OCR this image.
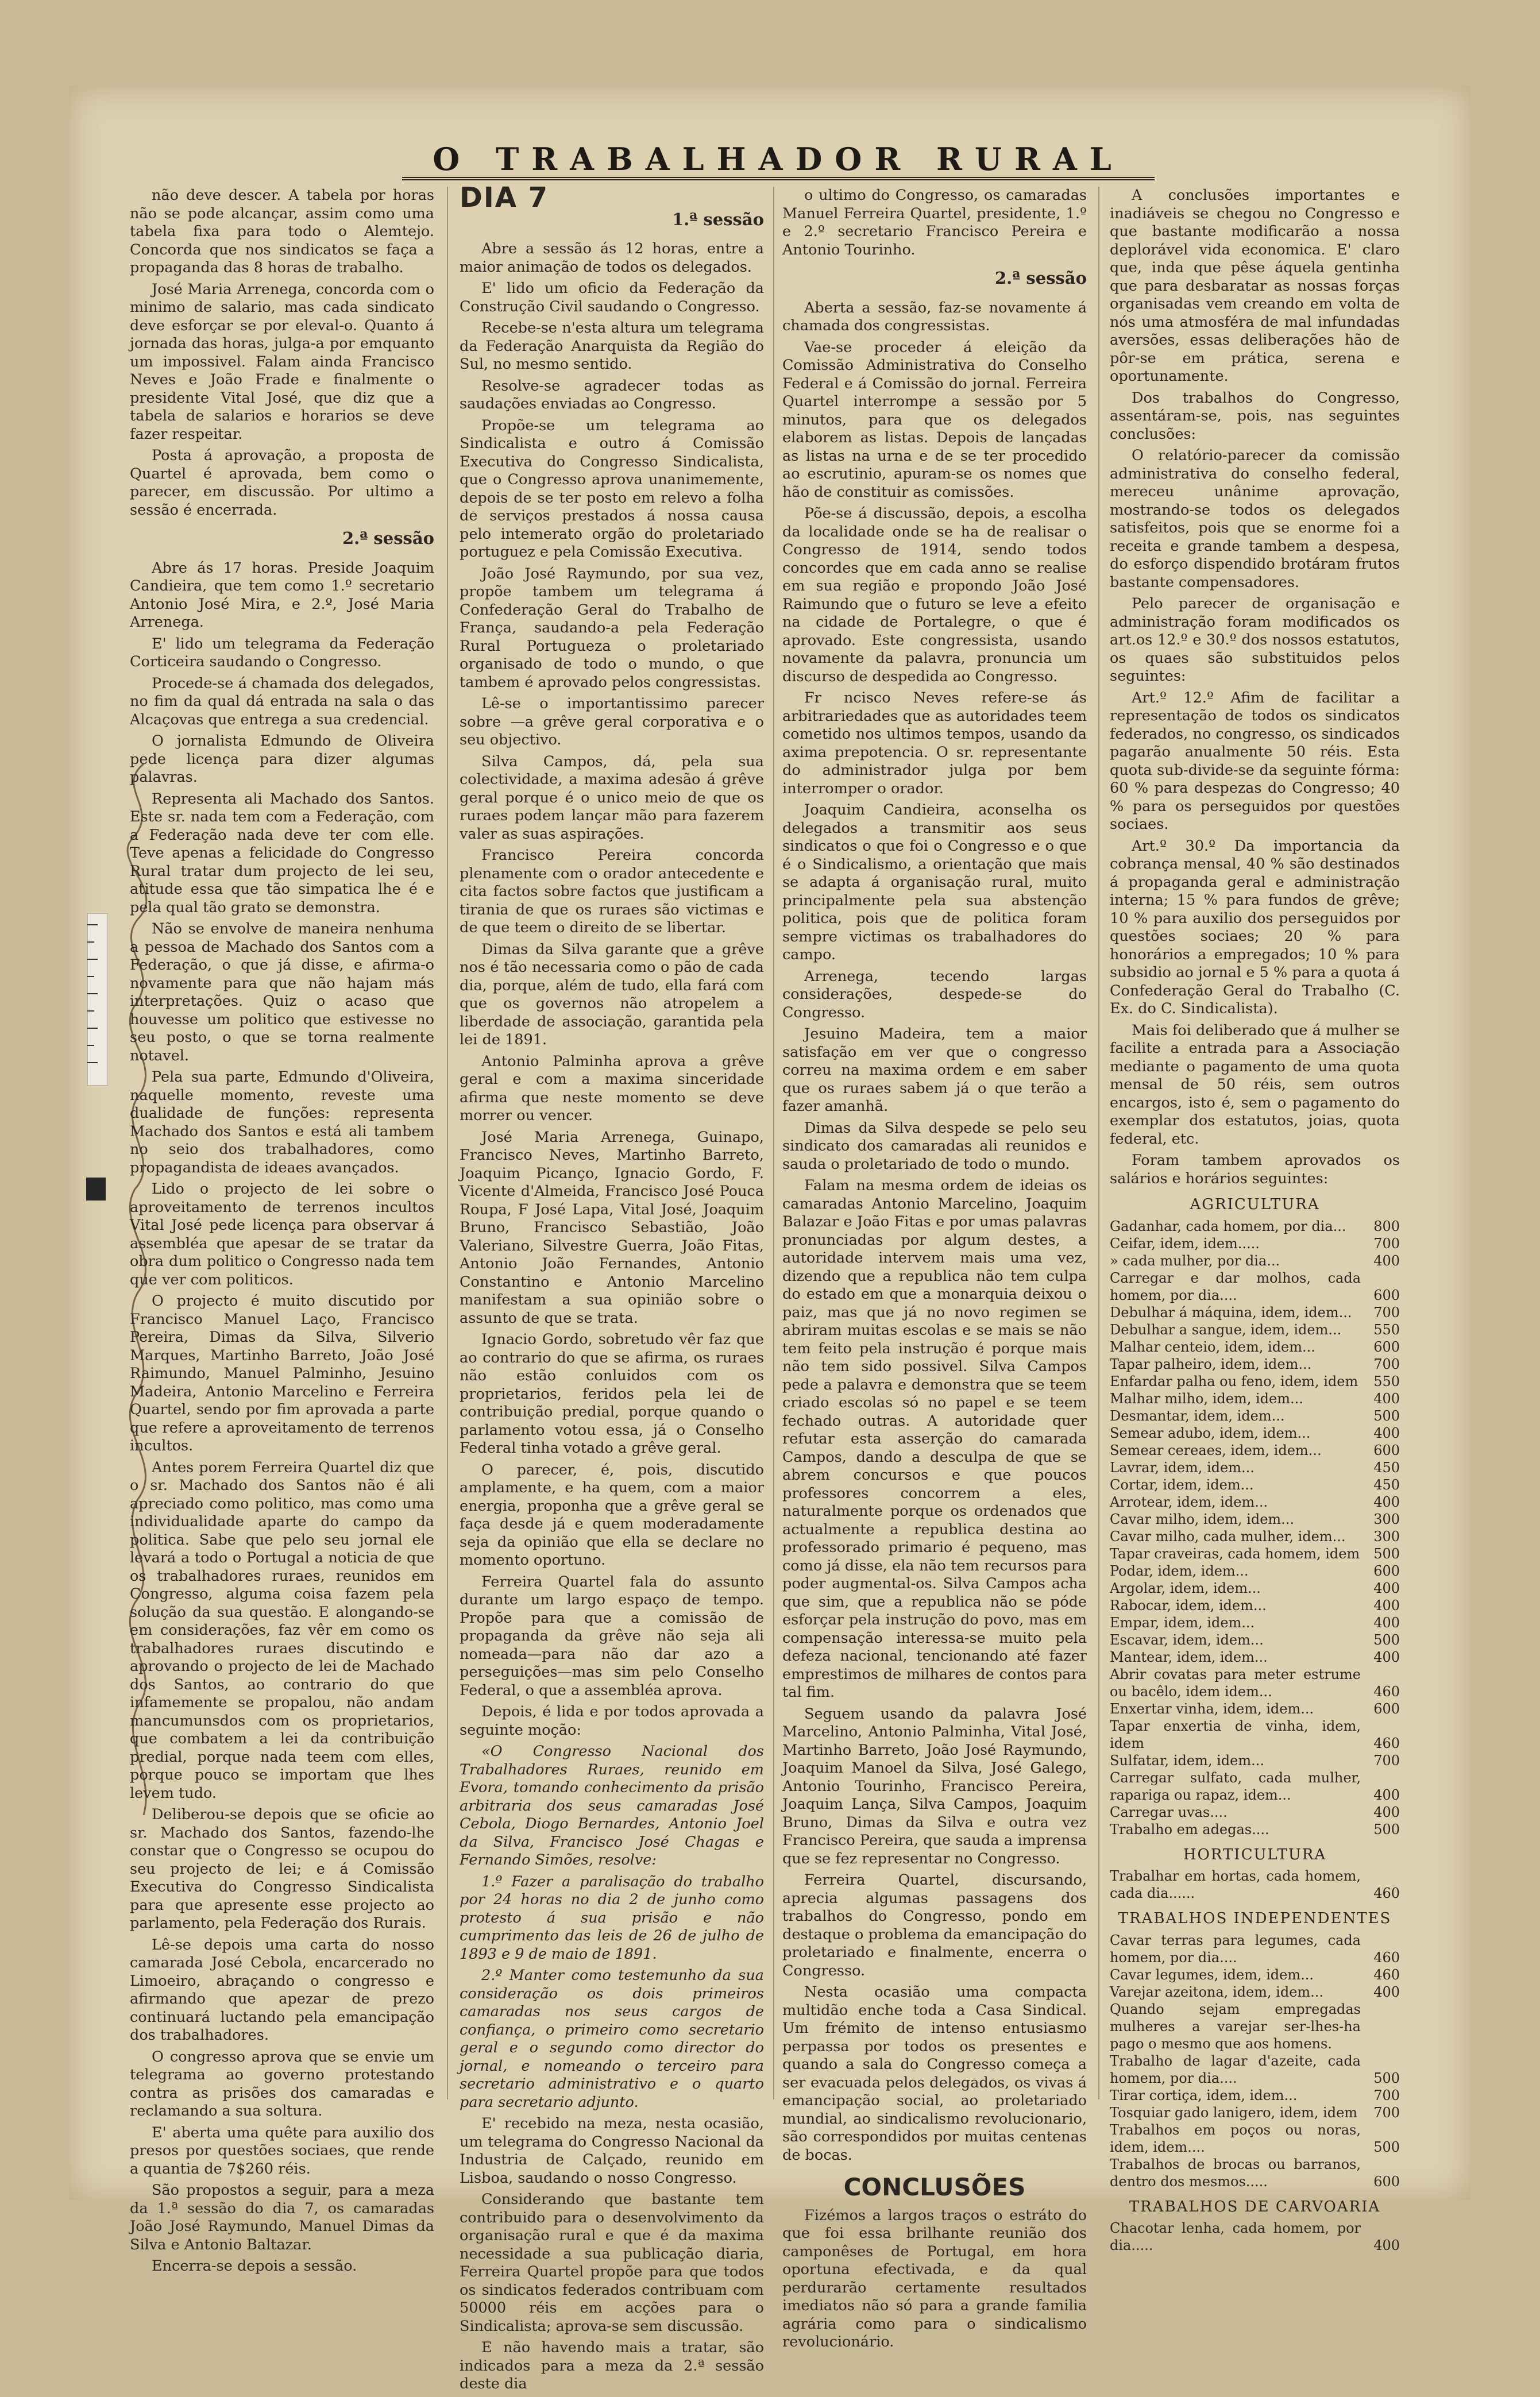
O TRABALHADOR RURAL

não deve descer. A tabela por horas não se pode alcançar, assim como uma tabela fixa para todo o Alemtejo. Concorda que nos sindicatos se faça a propaganda das 8 horas de trabalho.

José Maria Arrenega, concorda com o minimo de salario, mas cada sindicato deve esforçar se por eleval-o. Quanto á jornada das horas, julga-a por emquanto um impossivel. Falam ainda Francisco Neves e João Frade e finalmente o presidente Vital José, que diz que a tabela de salarios e horarios se deve fazer respeitar.

Posta á aprovação, a proposta de Quartel é aprovada, bem como o parecer, em discussão. Por ultimo a sessão é encerrada.

2.ª sessão

Abre ás 17 horas. Preside Joaquim Candieira, que tem como 1.º secretario Antonio José Mira, e 2.º, José Maria Arrenega.

E' lido um telegrama da Federação Corticeira saudando o Congresso.

Procede-se á chamada dos delegados, no fim da qual dá entrada na sala o das Alcaçovas que entrega a sua credencial.

O jornalista Edmundo de Oliveira pede licença para dizer algumas palavras.

Representa ali Machado dos Santos. Este sr. nada tem com a Federação, com a Federação nada deve ter com elle. Teve apenas a felicidade do Congresso Rural tratar dum projecto de lei seu, atitude essa que tão simpatica lhe é e pela qual tão grato se demonstra.

Não se envolve de maneira nenhuma a pessoa de Machado dos Santos com a Federação, o que já disse, e afirma-o novamente para que não hajam más interpretações. Quiz o acaso que houvesse um politico que estivesse no seu posto, o que se torna realmente notavel.

Pela sua parte, Edmundo d'Oliveira, naquelle momento, reveste uma dualidade de funções: representa Machado dos Santos e está ali tambem no seio dos trabalhadores, como propagandista de ideaes avançados.

Lido o projecto de lei sobre o aproveitamento de terrenos incultos Vital José pede licença para observar á assembléa que apesar de se tratar da obra dum politico o Congresso nada tem que ver com politicos.

O projecto é muito discutido por Francisco Manuel Laço, Francisco Pereira, Dimas da Silva, Silverio Marques, Martinho Barreto, João José Raimundo, Manuel Palminho, Jesuino Madeira, Antonio Marcelino e Ferreira Quartel, sendo por fim aprovada a parte que refere a aproveitamento de terrenos incultos.

Antes porem Ferreira Quartel diz que o sr. Machado dos Santos não é ali apreciado como politico, mas como uma individualidade aparte do campo da politica. Sabe que pelo seu jornal ele levará a todo o Portugal a noticia de que os trabalhadores ruraes, reunidos em Congresso, alguma coisa fazem pela solução da sua questão. E alongando-se em considerações, faz vêr em como os trabalhadores ruraes discutindo e aprovando o projecto de lei de Machado dos Santos, ao contrario do que infamemente se propalou, não andam mancumunsdos com os proprietarios, que combatem a lei da contribuição predial, porque nada teem com elles, porque pouco se importam que lhes levem tudo.

Deliberou-se depois que se oficie ao sr. Machado dos Santos, fazendo-lhe constar que o Congresso se ocupou do seu projecto de lei; e á Comissão Executiva do Congresso Sindicalista para que apresente esse projecto ao parlamento, pela Federação dos Rurais.

Lê-se depois uma carta do nosso camarada José Cebola, encarcerado no Limoeiro, abraçando o congresso e afirmando que apezar de prezo continuará luctando pela emancipação dos trabalhadores.

O congresso aprova que se envie um telegrama ao governo protestando contra as prisões dos camaradas e reclamando a sua soltura.

E' aberta uma quête para auxilio dos presos por questões sociaes, que rende a quantia de 7$260 réis.

São propostos a seguir, para a meza da 1.ª sessão do dia 7, os camaradas João José Raymundo, Manuel Dimas da Silva e Antonio Baltazar.

Encerra-se depois a sessão.

DIA 7
1.ª sessão

Abre a sessão ás 12 horas, entre a maior animação de todos os delegados.

E' lido um oficio da Federação da Construção Civil saudando o Congresso.

Recebe-se n'esta altura um telegrama da Federação Anarquista da Região do Sul, no mesmo sentido.

Resolve-se agradecer todas as saudações enviadas ao Congresso.

Propõe-se um telegrama ao Sindicalista e outro á Comissão Executiva do Congresso Sindicalista, que o Congresso aprova unanimemente, depois de se ter posto em relevo a folha de serviços prestados á nossa causa pelo intemerato orgão do proletariado portuguez e pela Comissão Executiva.

João José Raymundo, por sua vez, propõe tambem um telegrama á Confederação Geral do Trabalho de França, saudando-a pela Federação Rural Portugueza o proletariado organisado de todo o mundo, o que tambem é aprovado pelos congressistas.

Lê-se o importantissimo parecer sobre —a grêve geral corporativa e o seu objectivo.

Silva Campos, dá, pela sua colectividade, a maxima adesão á grêve geral porque é o unico meio de que os ruraes podem lançar mão para fazerem valer as suas aspirações.

Francisco Pereira concorda plenamente com o orador antecedente e cita factos sobre factos que justificam a tirania de que os ruraes são victimas e de que teem o direito de se libertar.

Dimas da Silva garante que a grêve nos é tão necessaria como o pão de cada dia, porque, além de tudo, ella fará com que os governos não atropelem a liberdade de associação, garantida pela lei de 1891.

Antonio Palminha aprova a grêve geral e com a maxima sinceridade afirma que neste momento se deve morrer ou vencer.

José Maria Arrenega, Guinapo, Francisco Neves, Martinho Barreto, Joaquim Picanço, Ignacio Gordo, F. Vicente d'Almeida, Francisco José Pouca Roupa, F José Lapa, Vital José, Joaquim Bruno, Francisco Sebastião, João Valeriano, Silvestre Guerra, João Fitas, Antonio João Fernandes, Antonio Constantino e Antonio Marcelino manifestam a sua opinião sobre o assunto de que se trata.

Ignacio Gordo, sobretudo vêr faz que ao contrario do que se afirma, os ruraes não estão conluidos com os proprietarios, feridos pela lei de contribuição predial, porque quando o parlamento votou essa, já o Conselho Federal tinha votado a grêve geral.

O parecer, é, pois, discutido amplamente, e ha quem, com a maior energia, proponha que a grêve geral se faça desde já e quem moderadamente seja da opinião que ella se declare no momento oportuno.

Ferreira Quartel fala do assunto durante um largo espaço de tempo. Propõe para que a comissão de propaganda da grêve não seja ali nomeada—para não dar azo a perseguições—mas sim pelo Conselho Federal, o que a assembléa aprova.

Depois, é lida e por todos aprovada a seguinte moção:

«O Congresso Nacional dos Trabalhadores Ruraes, reunido em Evora, tomando conhecimento da prisão arbitraria dos seus camaradas José Cebola, Diogo Bernardes, Antonio Joel da Silva, Francisco José Chagas e Fernando Simões, resolve:

1.º Fazer a paralisação do trabalho por 24 horas no dia 2 de junho como protesto á sua prisão e não cumprimento das leis de 26 de julho de 1893 e 9 de maio de 1891.

2.º Manter como testemunho da sua consideração os dois primeiros camaradas nos seus cargos de confiança, o primeiro como secretario geral e o segundo como director do jornal, e nomeando o terceiro para secretario administrativo e o quarto para secretario adjunto.

E' recebido na meza, nesta ocasião, um telegrama do Congresso Nacional da Industria de Calçado, reunido em Lisboa, saudando o nosso Congresso.

Considerando que bastante tem contribuido para o desenvolvimento da organisação rural e que é da maxima necessidade a sua publicação diaria, Ferreira Quartel propõe para que todos os sindicatos federados contribuam com 50000 réis em acções para o Sindicalista; aprova-se sem discussão.

E não havendo mais a tratar, são indicados para a meza da 2.ª sessão deste dia

o ultimo do Congresso, os camaradas Manuel Ferreira Quartel, presidente, 1.º e 2.º secretario Francisco Pereira e Antonio Tourinho.

2.ª sessão

Aberta a sessão, faz-se novamente á chamada dos congressistas.

Vae-se proceder á eleição da Comissão Administrativa do Conselho Federal e á Comissão do jornal. Ferreira Quartel interrompe a sessão por 5 minutos, para que os delegados elaborem as listas. Depois de lançadas as listas na urna e de se ter procedido ao escrutinio, apuram-se os nomes que hão de constituir as comissões.

Põe-se á discussão, depois, a escolha da localidade onde se ha de realisar o Congresso de 1914, sendo todos concordes que em cada anno se realise em sua região e propondo João José Raimundo que o futuro se leve a efeito na cidade de Portalegre, o que é aprovado. Este congressista, usando novamente da palavra, pronuncia um discurso de despedida ao Congresso.

Fr ncisco Neves refere-se ás arbitrariedades que as autoridades teem cometido nos ultimos tempos, usando da axima prepotencia. O sr. representante do administrador julga por bem interromper o orador.

Joaquim Candieira, aconselha os delegados a transmitir aos seus sindicatos o que foi o Congresso e o que é o Sindicalismo, a orientação que mais se adapta á organisação rural, muito principalmente pela sua abstenção politica, pois que de politica foram sempre victimas os trabalhadores do campo.

Arrenega, tecendo largas considerações, despede-se do Congresso.

Jesuino Madeira, tem a maior satisfação em ver que o congresso correu na maxima ordem e em saber que os ruraes sabem já o que terão a fazer amanhã.

Dimas da Silva despede se pelo seu sindicato dos camaradas ali reunidos e sauda o proletariado de todo o mundo.

Falam na mesma ordem de ideias os camaradas Antonio Marcelino, Joaquim Balazar e João Fitas e por umas palavras pronunciadas por algum destes, a autoridade intervem mais uma vez, dizendo que a republica não tem culpa do estado em que a monarquia deixou o paiz, mas que já no novo regimen se abriram muitas escolas e se mais se não tem feito pela instrução é porque mais não tem sido possivel. Silva Campos pede a palavra e demonstra que se teem criado escolas só no papel e se teem fechado outras. A autoridade quer refutar esta asserção do camarada Campos, dando a desculpa de que se abrem concursos e que poucos professores concorrem a eles, naturalmente porque os ordenados que actualmente a republica destina ao professorado primario é pequeno, mas como já disse, ela não tem recursos para poder augmental-os. Silva Campos acha que sim, que a republica não se póde esforçar pela instrução do povo, mas em compensação interessa-se muito pela defeza nacional, tencionando até fazer emprestimos de milhares de contos para tal fim.

Seguem usando da palavra José Marcelino, Antonio Palminha, Vital José, Martinho Barreto, João José Raymundo, Joaquim Manoel da Silva, José Galego, Antonio Tourinho, Francisco Pereira, Joaquim Lança, Silva Campos, Joaquim Bruno, Dimas da Silva e outra vez Francisco Pereira, que sauda a imprensa que se fez representar no Congresso.

Ferreira Quartel, discursando, aprecia algumas passagens dos trabalhos do Congresso, pondo em destaque o problema da emancipação do proletariado e finalmente, encerra o Congresso.

Nesta ocasião uma compacta multidão enche toda a Casa Sindical. Um frémito de intenso entusiasmo perpassa por todos os presentes e quando a sala do Congresso começa a ser evacuada pelos delegados, os vivas á emancipação social, ao proletariado mundial, ao sindicalismo revolucionario, são correspondidos por muitas centenas de bocas.

CONCLUSÕES

Fizémos a largos traços o estráto do que foi essa brilhante reunião dos camponêses de Portugal, em hora oportuna efectivada, e da qual perdurarão certamente resultados imediatos não só para a grande familia agrária como para o sindicalismo revolucionário.

A conclusões importantes e inadiáveis se chegou no Congresso e que bastante modificarão a nossa deplorável vida economica. E' claro que, inda que pêse áquela gentinha que para desbaratar as nossas forças organisadas vem creando em volta de nós uma atmosféra de mal infundadas aversões, essas deliberações hão de pôr-se em prática, serena e oportunamente.

Dos trabalhos do Congresso, assentáram-se, pois, nas seguintes conclusões:

O relatório-parecer da comissão administrativa do conselho federal, mereceu unânime aprovação, mostrando-se todos os delegados satisfeitos, pois que se enorme foi a receita e grande tambem a despesa, do esforço dispendido brotáram frutos bastante compensadores.

Pelo parecer de organisação e administração foram modificados os art.os 12.º e 30.º dos nossos estatutos, os quaes são substituidos pelos seguintes:

Art.º 12.º Afim de facilitar a representação de todos os sindicatos federados, no congresso, os sindicados pagarão anualmente 50 réis. Esta quota sub-divide-se da seguinte fórma: 60 % para despezas do Congresso; 40 % para os perseguidos por questões sociaes.

Art.º 30.º Da importancia da cobrança mensal, 40 % são destinados á propaganda geral e administração interna; 15 % para fundos de grêve; 10 % para auxilio dos perseguidos por questões sociaes; 20 % para honorários a empregados; 10 % para subsidio ao jornal e 5 % para a quota á Confederação Geral do Trabalho (C. Ex. do C. Sindicalista).

Mais foi deliberado que á mulher se facilite a entrada para a Associação mediante o pagamento de uma quota mensal de 50 réis, sem outros encargos, isto é, sem o pagamento do exemplar dos estatutos, joias, quota federal, etc.

Foram tambem aprovados os salários e horários seguintes:

AGRICULTURA
Gadanhar, cada homem, por dia...	800
Ceifar, idem, idem.....	700
» cada mulher, por dia...	400
Carregar e dar molhos, cada homem, por dia....	600
Debulhar á máquina, idem, idem...	700
Debulhar a sangue, idem, idem...	550
Malhar centeio, idem, idem...	600
Tapar palheiro, idem, idem...	700
Enfardar palha ou feno, idem, idem	550
Malhar milho, idem, idem...	400
Desmantar, idem, idem...	500
Semear adubo, idem, idem...	400
Semear cereaes, idem, idem...	600
Lavrar, idem, idem...	450
Cortar, idem, idem...	450
Arrotear, idem, idem...	400
Cavar milho, idem, idem...	300
Cavar milho, cada mulher, idem...	300
Tapar craveiras, cada homem, idem	500
Podar, idem, idem...	600
Argolar, idem, idem...	400
Rabocar, idem, idem...	400
Empar, idem, idem...	400
Escavar, idem, idem...	500
Mantear, idem, idem...	400
Abrir covatas para meter estrume ou bacêlo, idem idem...	460
Enxertar vinha, idem, idem...	600
Tapar enxertia de vinha, idem, idem	460
Sulfatar, idem, idem...	700
Carregar sulfato, cada mulher, rapariga ou rapaz, idem...	400
Carregar uvas....	400
Trabalho em adegas....	500
HORTICULTURA
Trabalhar em hortas, cada homem, cada dia......	460
TRABALHOS INDEPENDENTES
Cavar terras para legumes, cada homem, por dia....	460
Cavar legumes, idem, idem...	460
Varejar azeitona, idem, idem...	400
Quando sejam empregadas mulheres a varejar ser-lhes-ha pago o mesmo que aos homens.
Trabalho de lagar d'azeite, cada homem, por dia....	500
Tirar cortiça, idem, idem...	700
Tosquiar gado lanigero, idem, idem	700
Trabalhos em poços ou noras, idem, idem....	500
Trabalhos de brocas ou barranos, dentro dos mesmos.....	600
TRABALHOS DE CARVOARIA
Chacotar lenha, cada homem, por dia.....	400
